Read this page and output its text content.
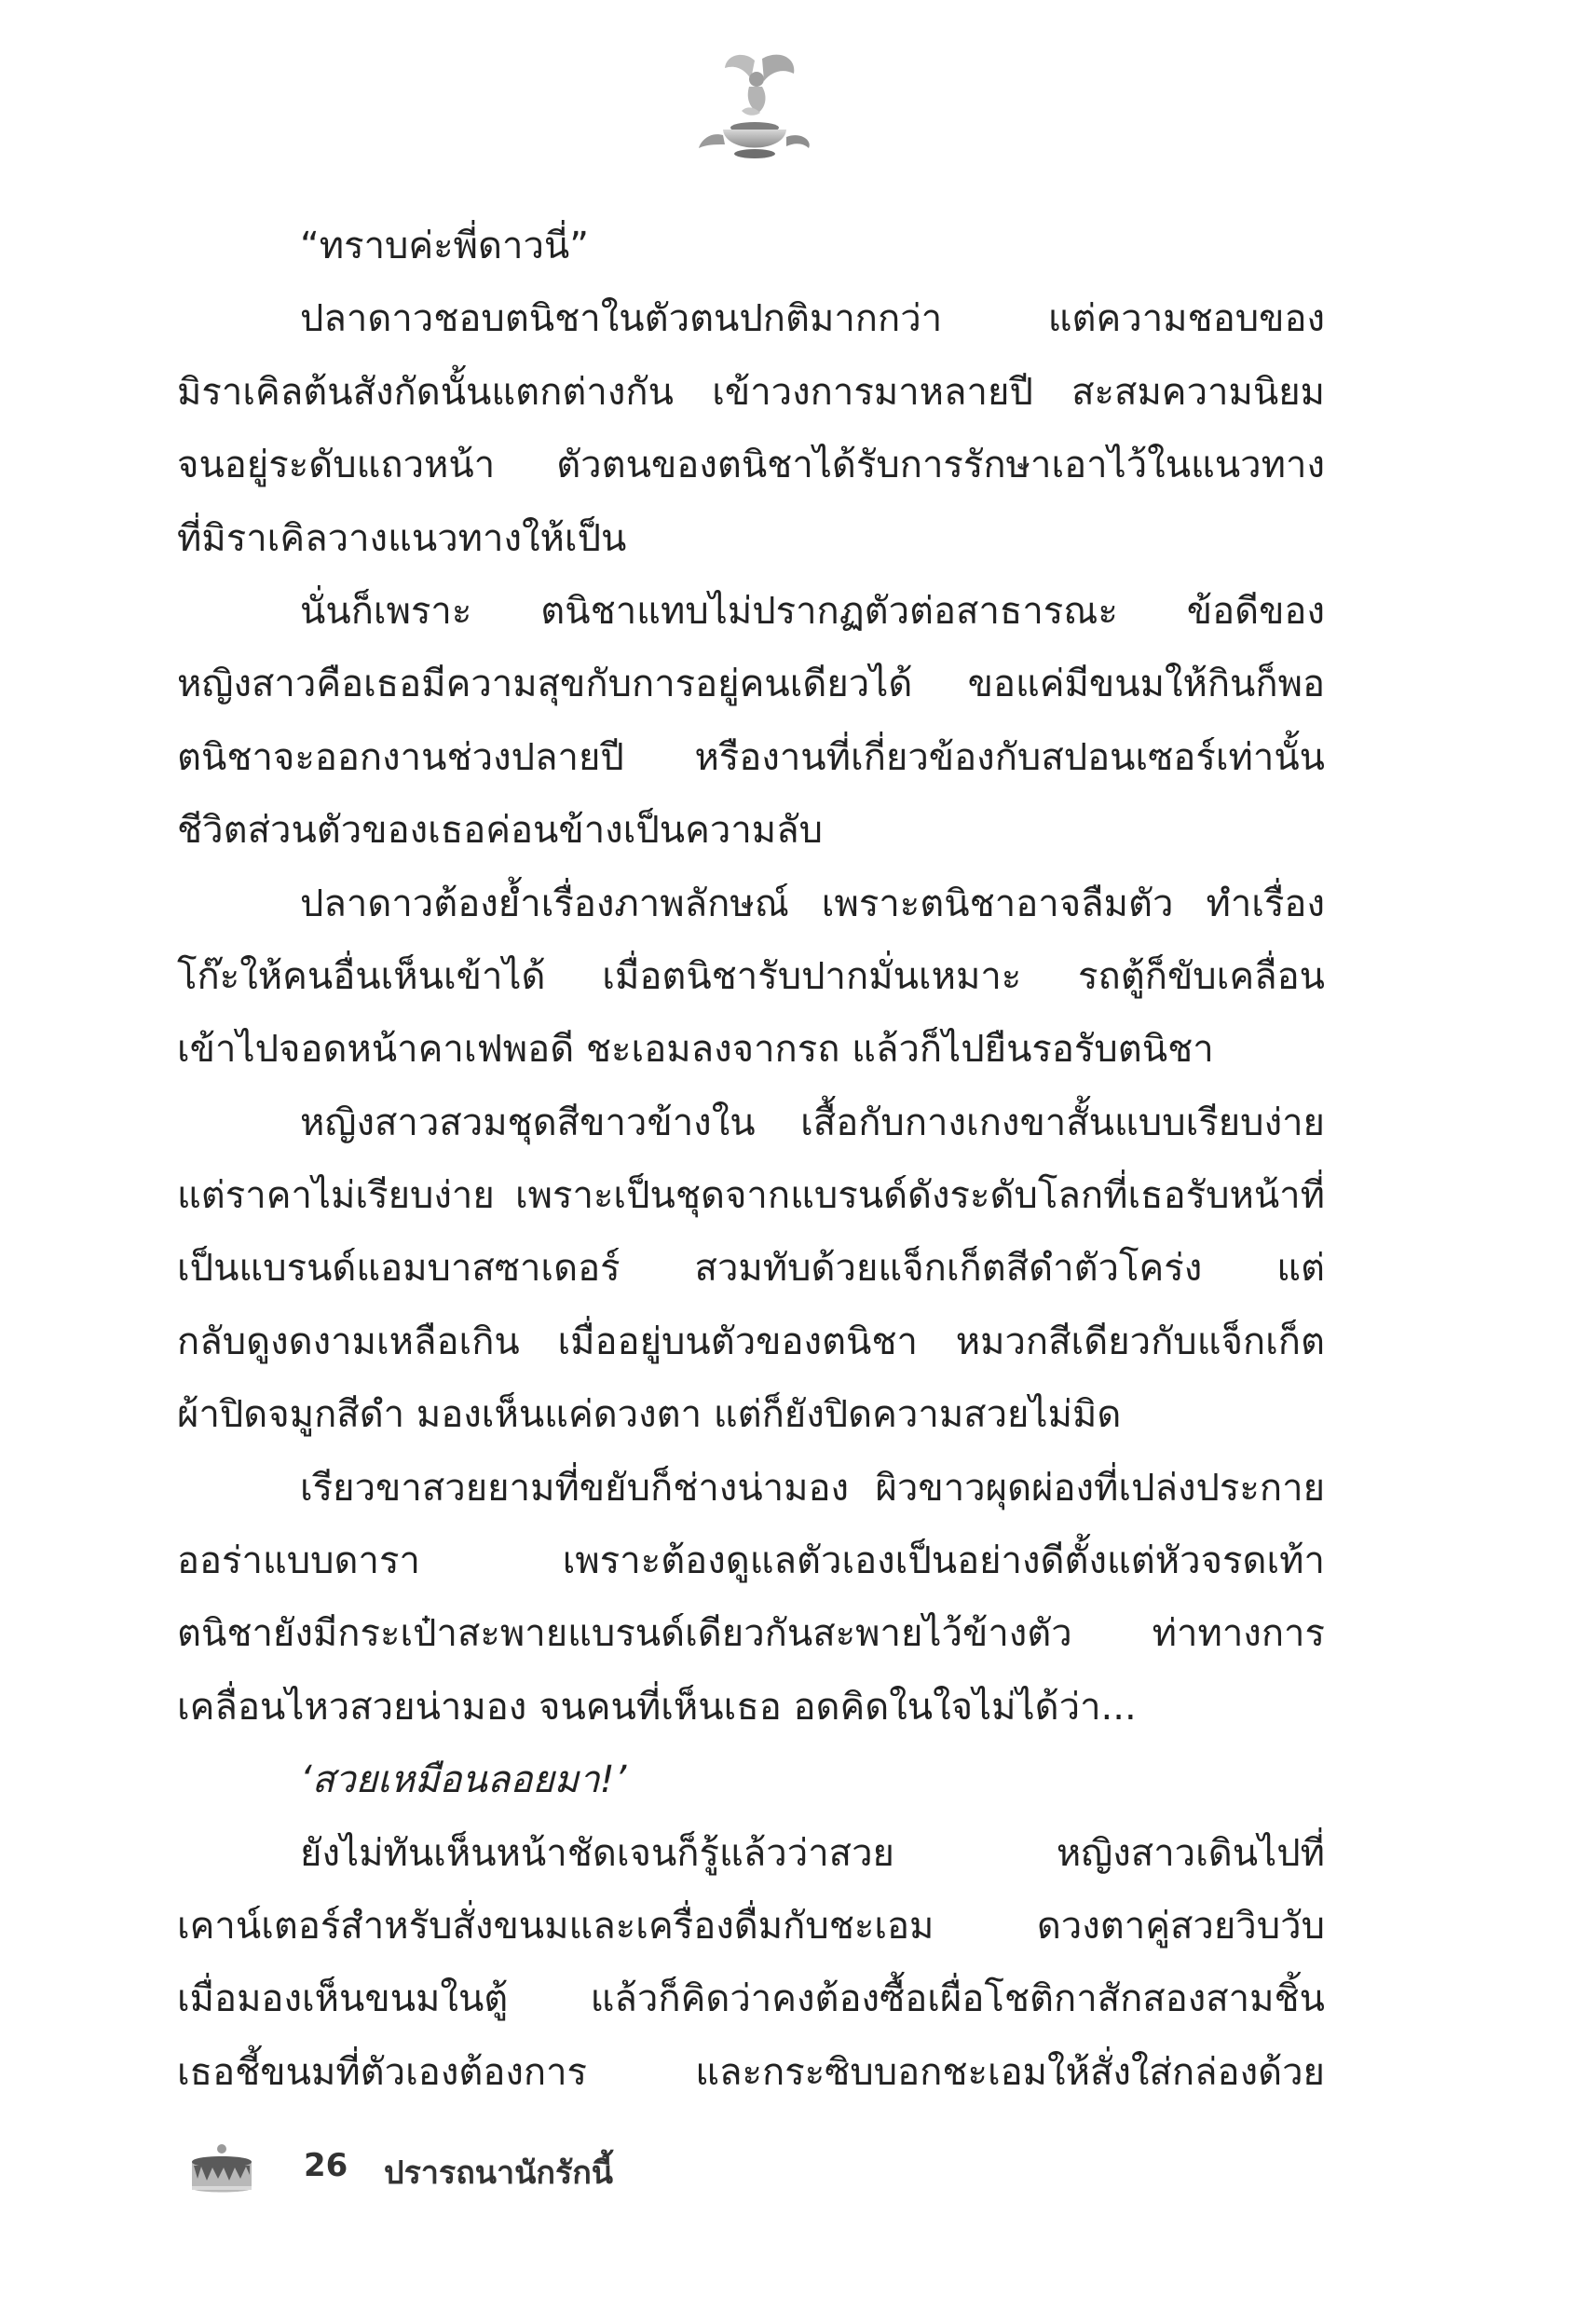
“ทราบค่ะพี่ดาวนี่”
ปลาดาวชอบตนิชาในตัวตนปกติมากกว่า แต่ความชอบของ
มิราเคิลต้นสังกัดนั้นแตกต่างกัน เข้าวงการมาหลายปี สะสมความนิยม
จนอยู่ระดับแถวหน้า ตัวตนของตนิชาได้รับการรักษาเอาไว้ในแนวทาง
ที่มิราเคิลวางแนวทางให้เป็น
นั่นก็เพราะ ตนิชาแทบไม่ปรากฏตัวต่อสาธารณะ ข้อดีของ
หญิงสาวคือเธอมีความสุขกับการอยู่คนเดียวได้ ขอแค่มีขนมให้กินก็พอ
ตนิชาจะออกงานช่วงปลายปี หรืองานที่เกี่ยวข้องกับสปอนเซอร์เท่านั้น
ชีวิตส่วนตัวของเธอค่อนข้างเป็นความลับ
ปลาดาวต้องย้ำเรื่องภาพลักษณ์ เพราะตนิชาอาจลืมตัว ทำเรื่อง
โก๊ะให้คนอื่นเห็นเข้าได้ เมื่อตนิชารับปากมั่นเหมาะ รถตู้ก็ขับเคลื่อน
เข้าไปจอดหน้าคาเฟพอดี ชะเอมลงจากรถ แล้วก็ไปยืนรอรับตนิชา
หญิงสาวสวมชุดสีขาวข้างใน เสื้อกับกางเกงขาสั้นแบบเรียบง่าย
แต่ราคาไม่เรียบง่าย เพราะเป็นชุดจากแบรนด์ดังระดับโลกที่เธอรับหน้าที่
เป็นแบรนด์แอมบาสซาเดอร์ สวมทับด้วยแจ็กเก็ตสีดำตัวโคร่ง แต่
กลับดูงดงามเหลือเกิน เมื่ออยู่บนตัวของตนิชา หมวกสีเดียวกับแจ็กเก็ต
ผ้าปิดจมูกสีดำ มองเห็นแค่ดวงตา แต่ก็ยังปิดความสวยไม่มิด
เรียวขาสวยยามที่ขยับก็ช่างน่ามอง ผิวขาวผุดผ่องที่เปล่งประกาย
ออร่าแบบดารา เพราะต้องดูแลตัวเองเป็นอย่างดีตั้งแต่หัวจรดเท้า
ตนิชายังมีกระเป๋าสะพายแบรนด์เดียวกันสะพายไว้ข้างตัว ท่าทางการ
เคลื่อนไหวสวยน่ามอง จนคนที่เห็นเธอ อดคิดในใจไม่ได้ว่า...
‘สวยเหมือนลอยมา!’
ยังไม่ทันเห็นหน้าชัดเจนก็รู้แล้วว่าสวย หญิงสาวเดินไปที่
เคาน์เตอร์สำหรับสั่งขนมและเครื่องดื่มกับชะเอม ดวงตาคู่สวยวิบวับ
เมื่อมองเห็นขนมในตู้ แล้วก็คิดว่าคงต้องซื้อเผื่อโชติกาสักสองสามชิ้น
เธอชี้ขนมที่ตัวเองต้องการ และกระซิบบอกชะเอมให้สั่งใส่กล่องด้วย
26 ปรารถนานักรักนี้
